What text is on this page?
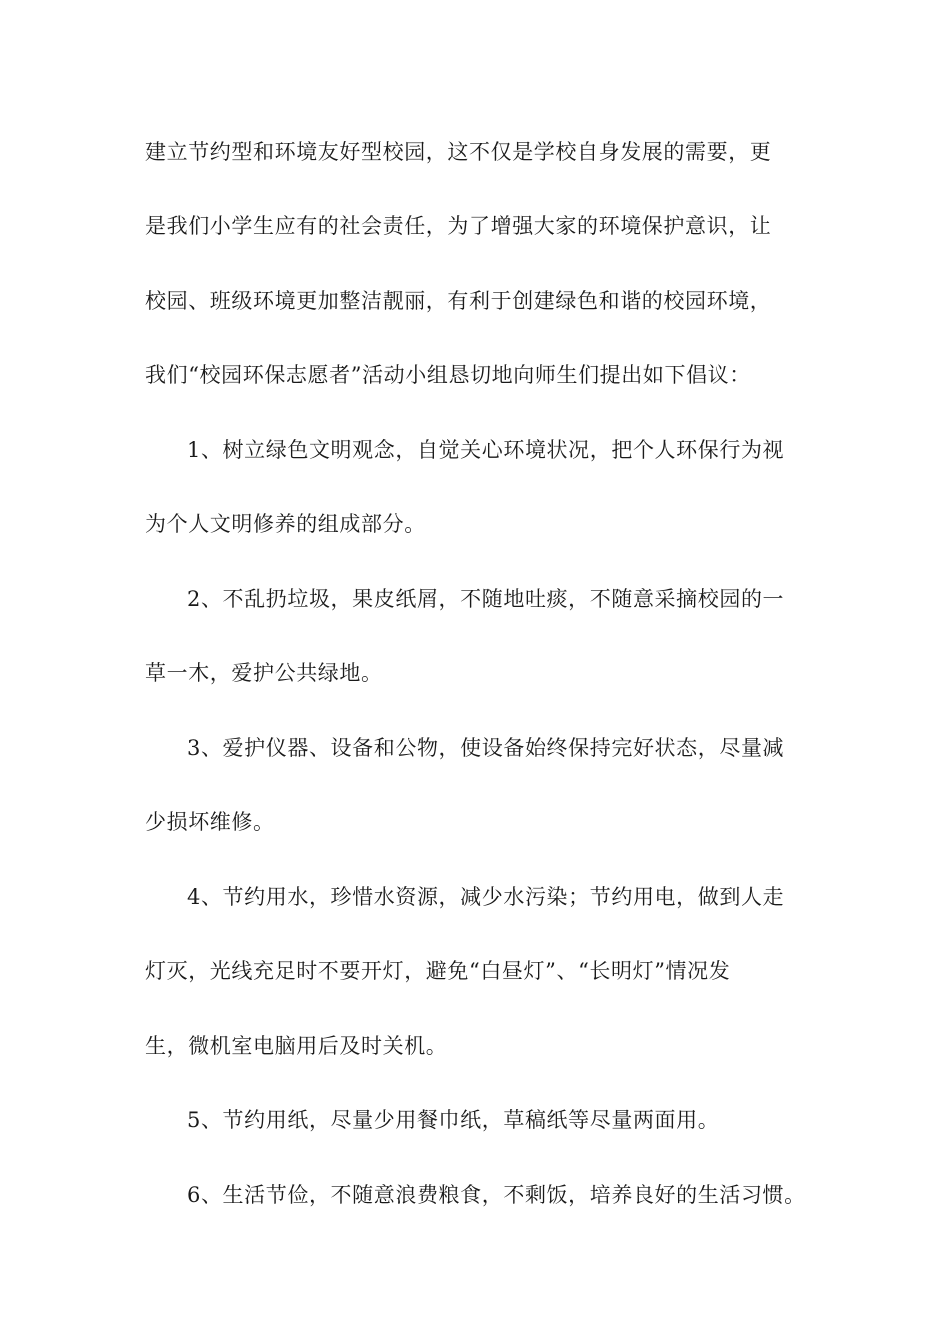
建立节约型和环境友好型校园，这不仅是学校自身发展的需要，更
是我们小学生应有的社会责任，为了增强大家的环境保护意识，让
校园、班级环境更加整洁靓丽，有利于创建绿色和谐的校园环境，
我们“校园环保志愿者”活动小组恳切地向师生们提出如下倡议：
1、树立绿色文明观念，自觉关心环境状况，把个人环保行为视
为个人文明修养的组成部分。
2、不乱扔垃圾，果皮纸屑，不随地吐痰，不随意采摘校园的一
草一木，爱护公共绿地。
3、爱护仪器、设备和公物，使设备始终保持完好状态，尽量减
少损坏维修。
4、节约用水，珍惜水资源，减少水污染；节约用电，做到人走
灯灭，光线充足时不要开灯，避免“白昼灯”、“长明灯”情况发
生，微机室电脑用后及时关机。
5、节约用纸，尽量少用餐巾纸，草稿纸等尽量两面用。
6、生活节俭，不随意浪费粮食，不剩饭，培养良好的生活习惯。
